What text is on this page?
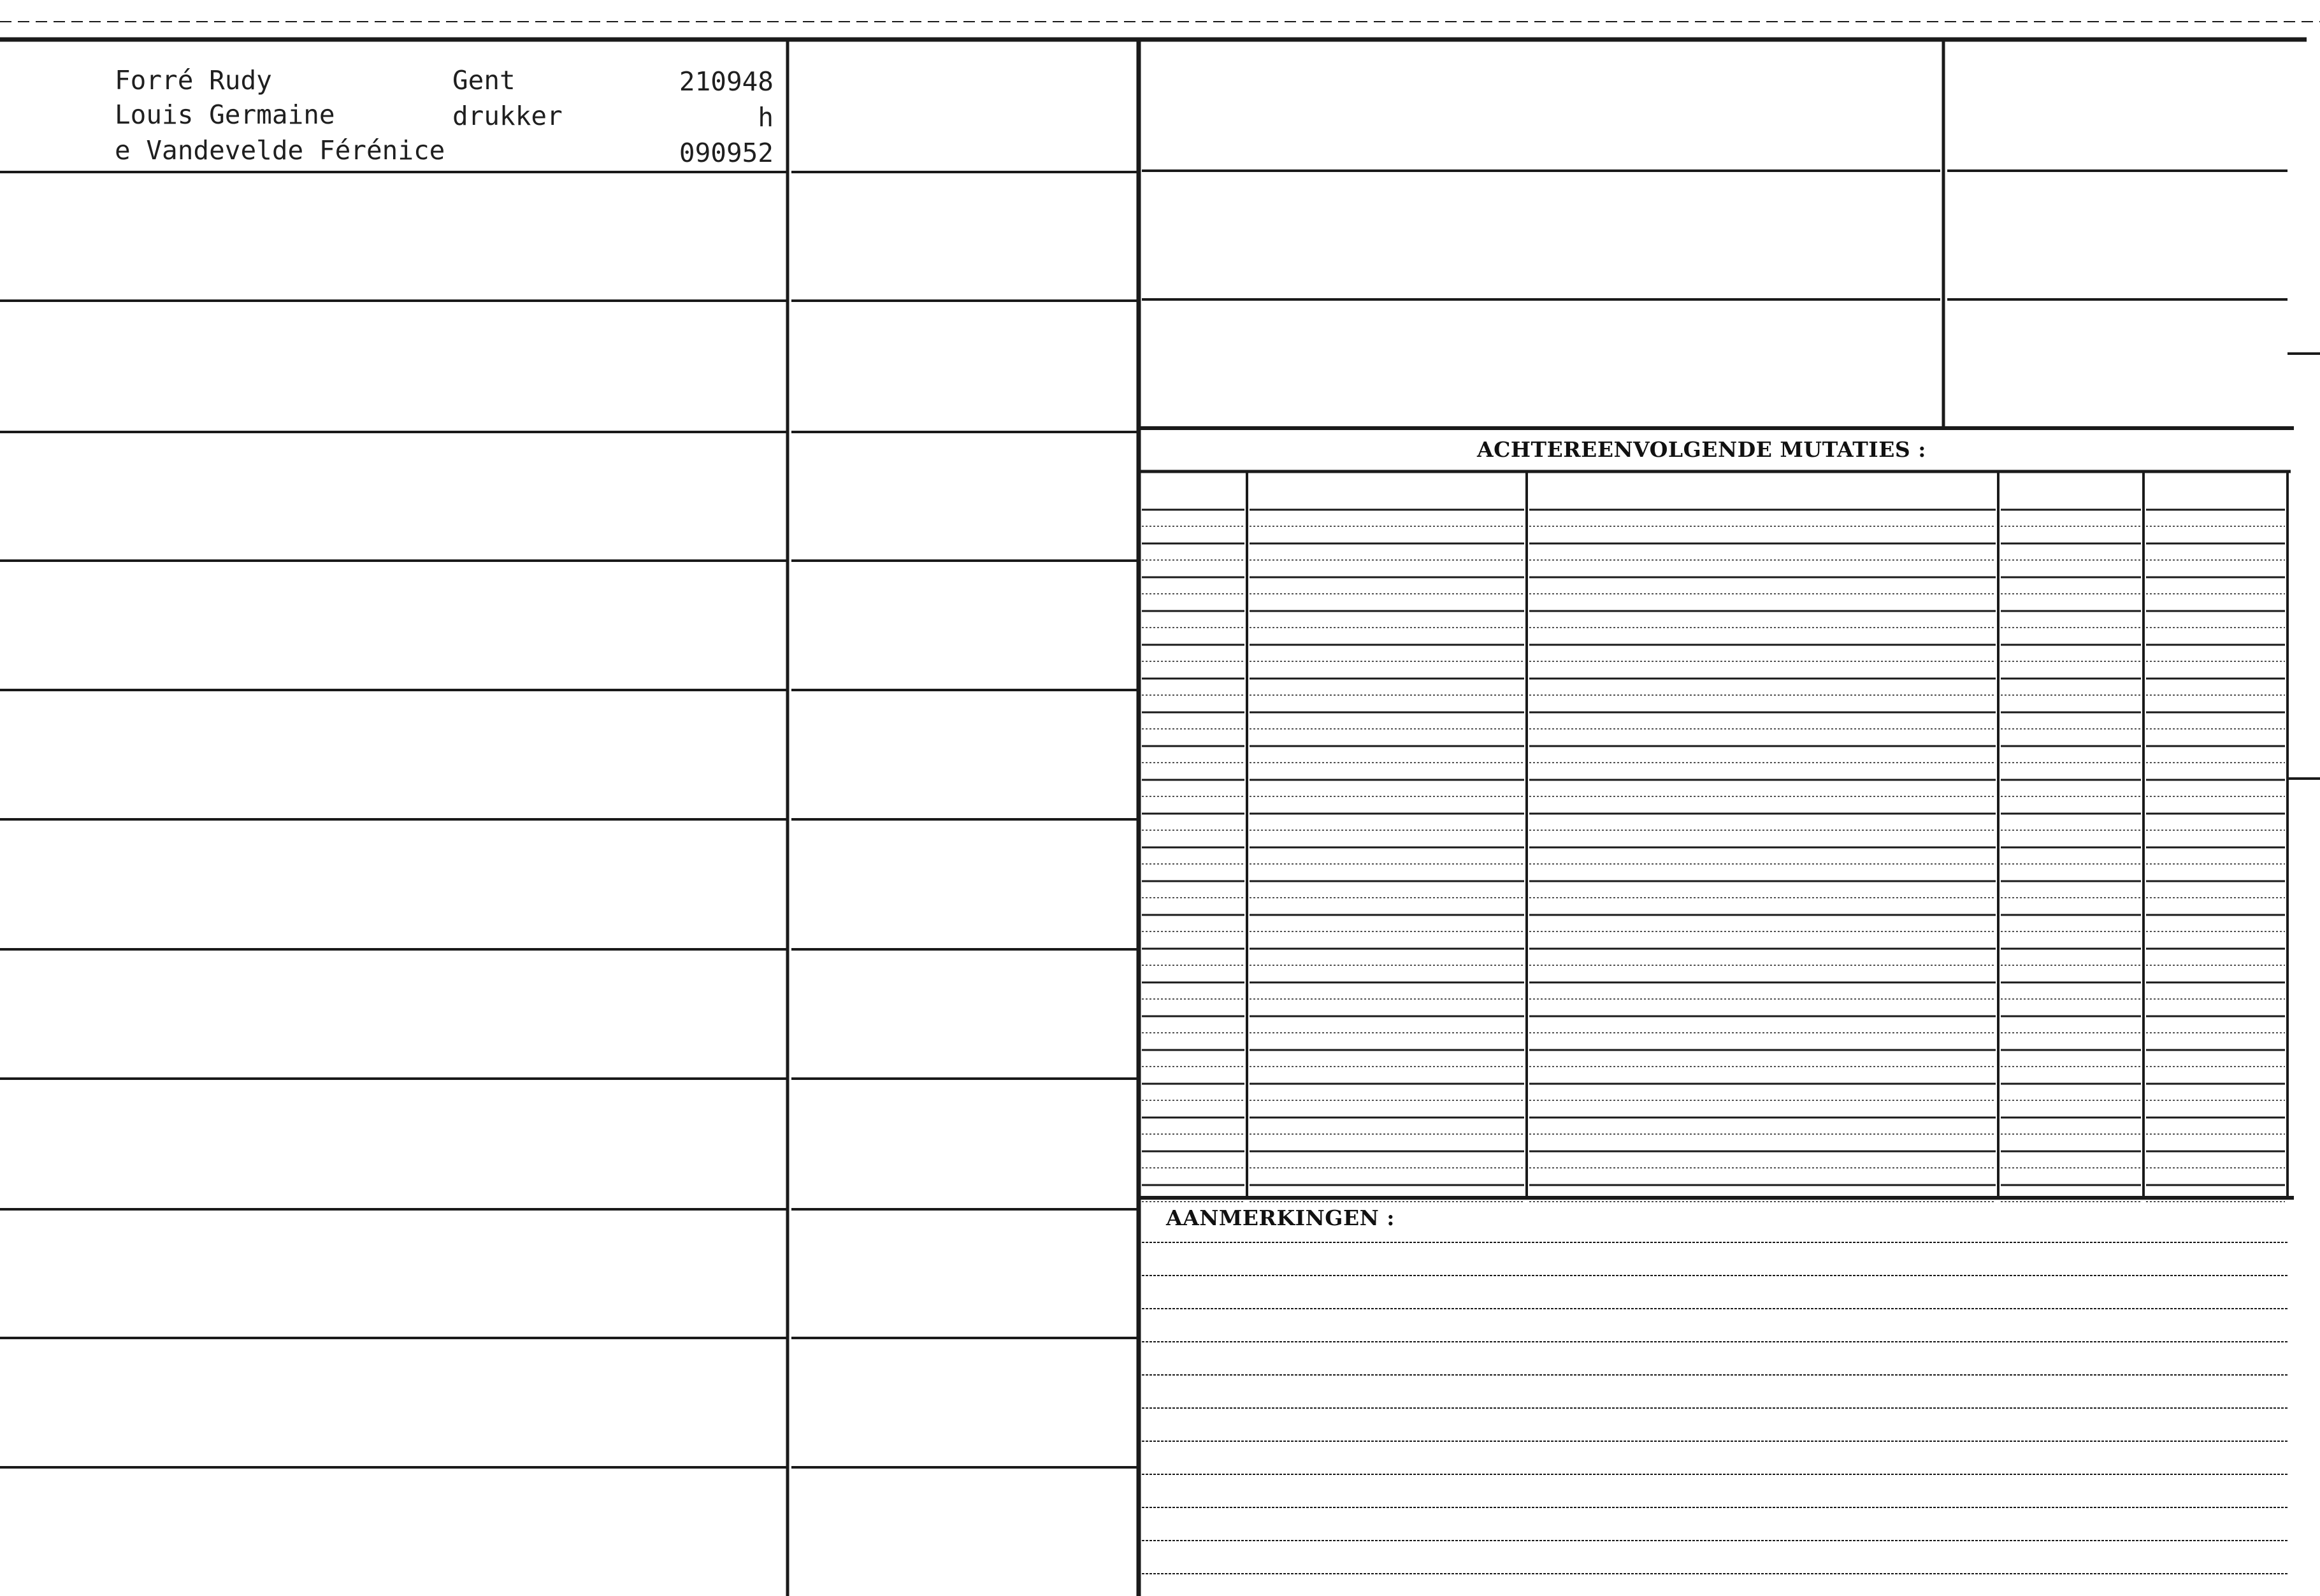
Forré Rudy
Louis Germaine
e Vandevelde Férénice
Gent
drukker
210948
h
090952
ACHTEREENVOLGENDE MUTATIES :
AANMERKINGEN :
